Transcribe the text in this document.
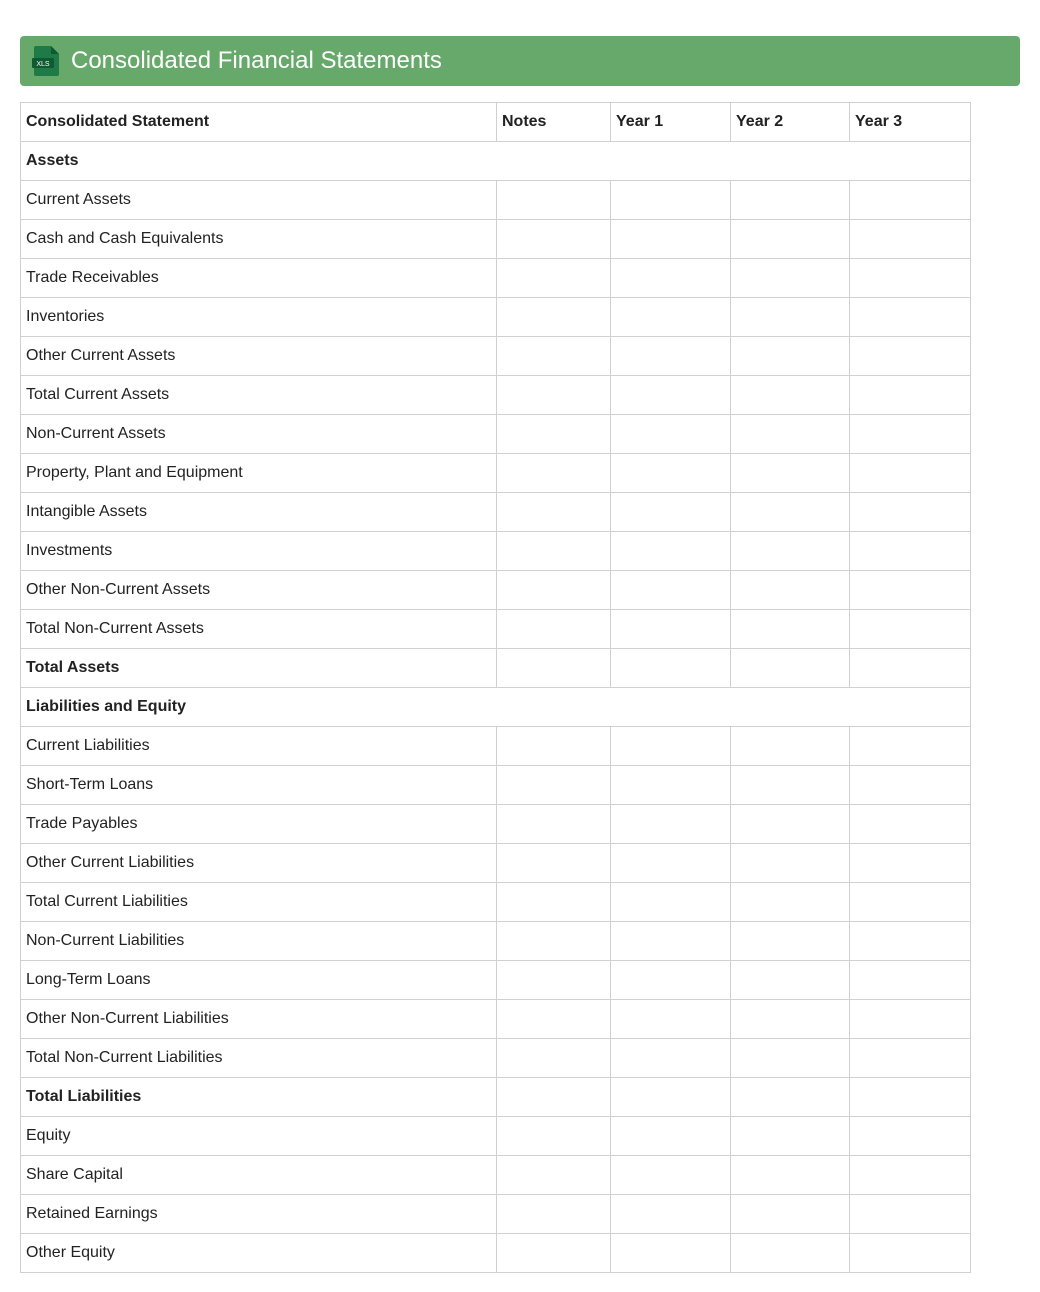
XLS Consolidated Financial Statements
Consolidated Statement	Notes	Year 1	Year 2	Year 3
Assets				
Current Assets				
Cash and Cash Equivalents				
Trade Receivables				
Inventories				
Other Current Assets				
Total Current Assets				
Non-Current Assets				
Property, Plant and Equipment				
Intangible Assets				
Investments				
Other Non-Current Assets				
Total Non-Current Assets				
Total Assets				
Liabilities and Equity				
Current Liabilities				
Short-Term Loans				
Trade Payables				
Other Current Liabilities				
Total Current Liabilities				
Non-Current Liabilities				
Long-Term Loans				
Other Non-Current Liabilities				
Total Non-Current Liabilities				
Total Liabilities				
Equity				
Share Capital				
Retained Earnings				
Other Equity				
